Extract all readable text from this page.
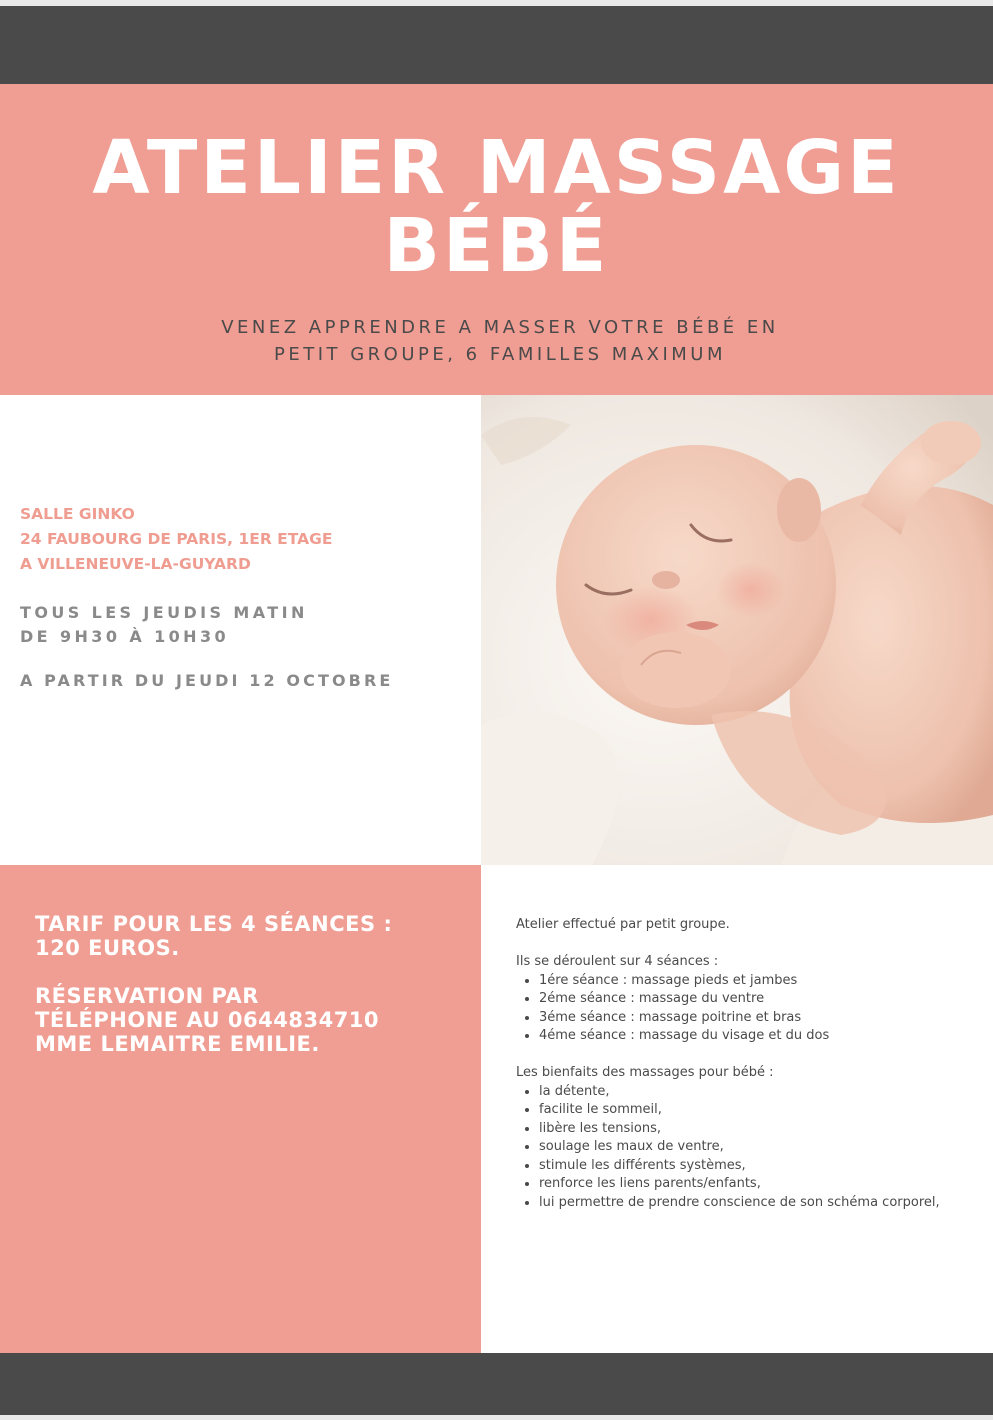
ATELIER MASSAGE
BÉBÉ

VENEZ APPRENDRE A MASSER VOTRE BÉBÉ EN
PETIT GROUPE, 6 FAMILLES MAXIMUM

SALLE GINKO
24 FAUBOURG DE PARIS, 1ER ETAGE
A VILLENEUVE-LA-GUYARD
TOUS LES JEUDIS MATIN
DE 9H30 À 10H30
A PARTIR DU JEUDI 12 OCTOBRE
TARIF POUR LES 4 SÉANCES :
120 EUROS.
RÉSERVATION PAR
TÉLÉPHONE AU 0644834710
MME LEMAITRE EMILIE.

Atelier effectué par petit groupe.

Ils se déroulent sur 4 séances :

• 1ére séance : massage pieds et jambes
• 2éme séance : massage du ventre
• 3éme séance : massage poitrine et bras
• 4éme séance : massage du visage et du dos

Les bienfaits des massages pour bébé :

• la détente,
• facilite le sommeil,
• libère les tensions,
• soulage les maux de ventre,
• stimule les différents systèmes,
• renforce les liens parents/enfants,
• lui permettre de prendre conscience de son schéma corporel,
